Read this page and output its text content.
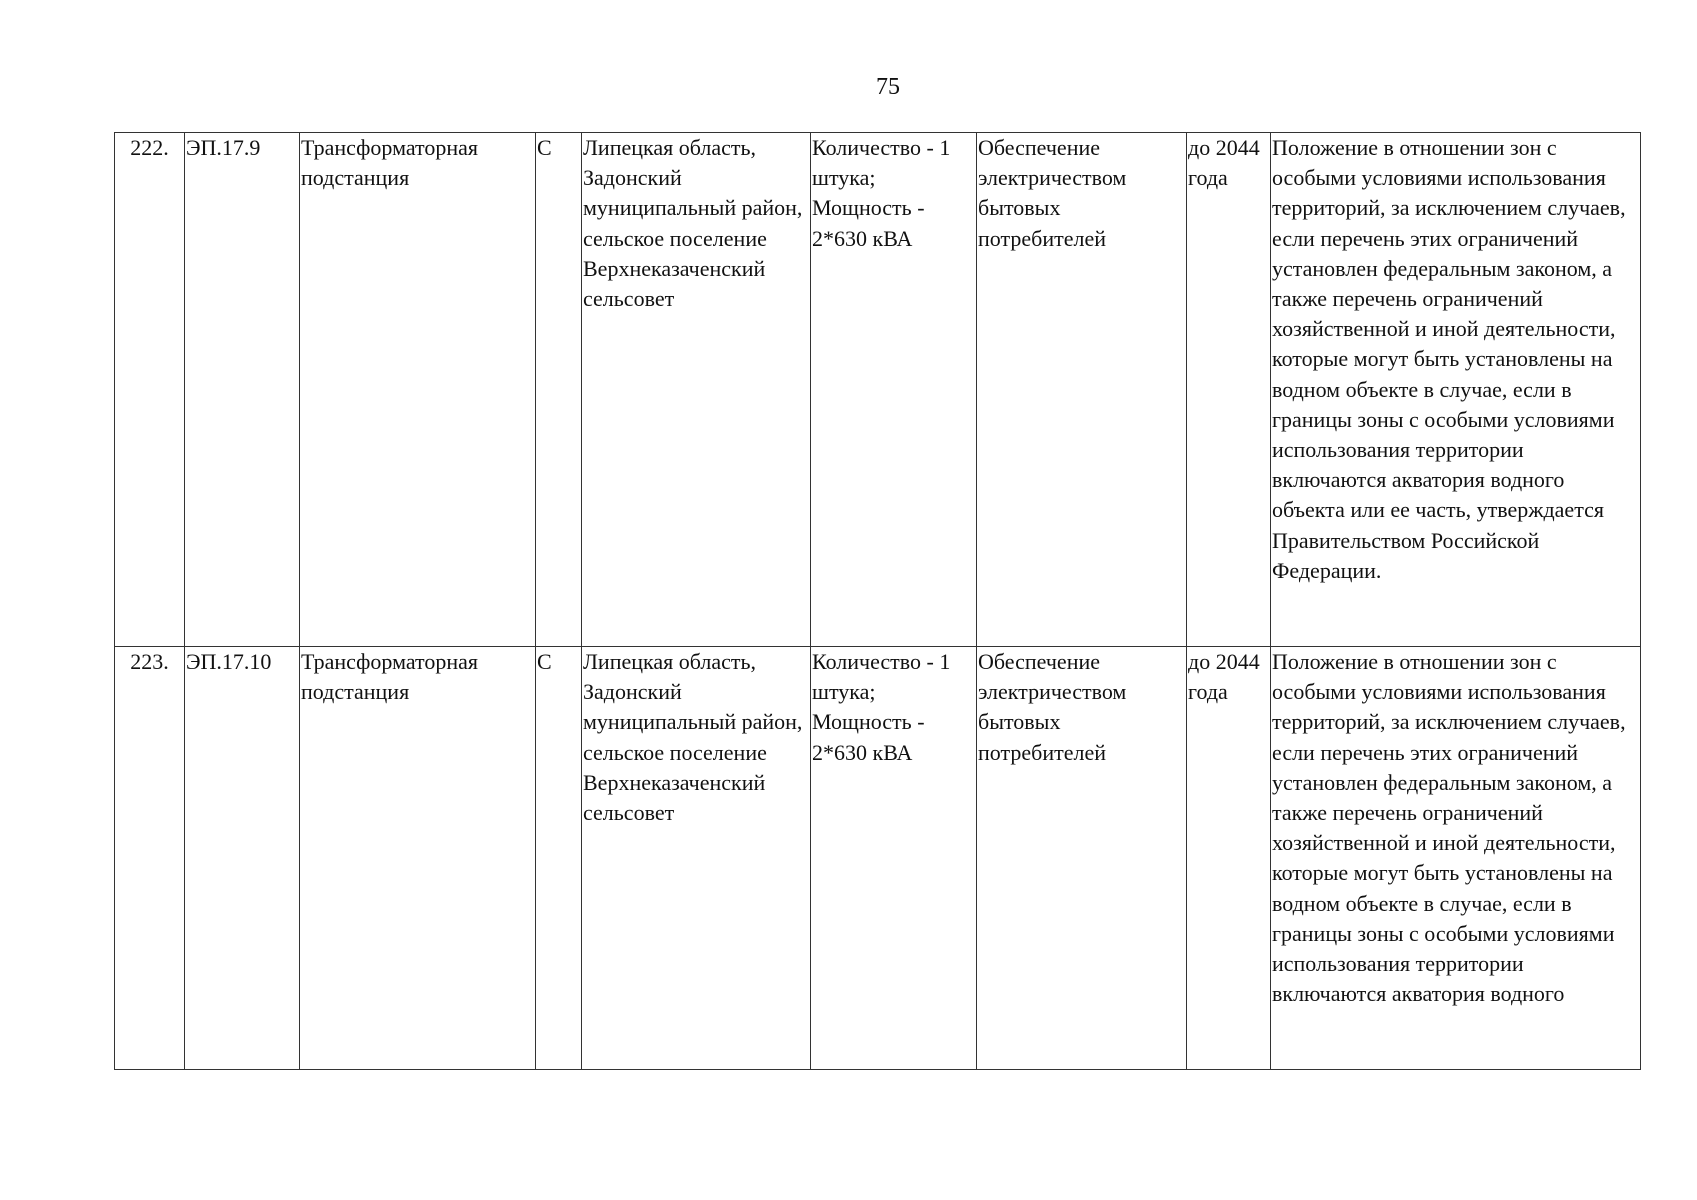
75
222.	ЭП.17.9	Трансформаторная подстанция	С	Липецкая область, Задонский муниципальный район, сельское поселение Верхнеказаченский сельсовет	Количество - 1 штука; Мощность - 2*630 кВА	Обеспечение электричеством бытовых потребителей	до 2044 года	Положение в отношении зон с особыми условиями использования территорий, за исключением случаев, если перечень этих ограничений установлен федеральным законом, а также перечень ограничений хозяйственной и иной деятельности, которые могут быть установлены на водном объекте в случае, если в границы зоны с особыми условиями использования территории включаются акватория водного объекта или ее часть, утверждается Правительством Российской Федерации.
223.	ЭП.17.10	Трансформаторная подстанция	С	Липецкая область, Задонский муниципальный район, сельское поселение Верхнеказаченский сельсовет	Количество - 1 штука; Мощность - 2*630 кВА	Обеспечение электричеством бытовых потребителей	до 2044 года	Положение в отношении зон с особыми условиями использования территорий, за исключением случаев, если перечень этих ограничений установлен федеральным законом, а также перечень ограничений хозяйственной и иной деятельности, которые могут быть установлены на водном объекте в случае, если в границы зоны с особыми условиями использования территории включаются акватория водного
